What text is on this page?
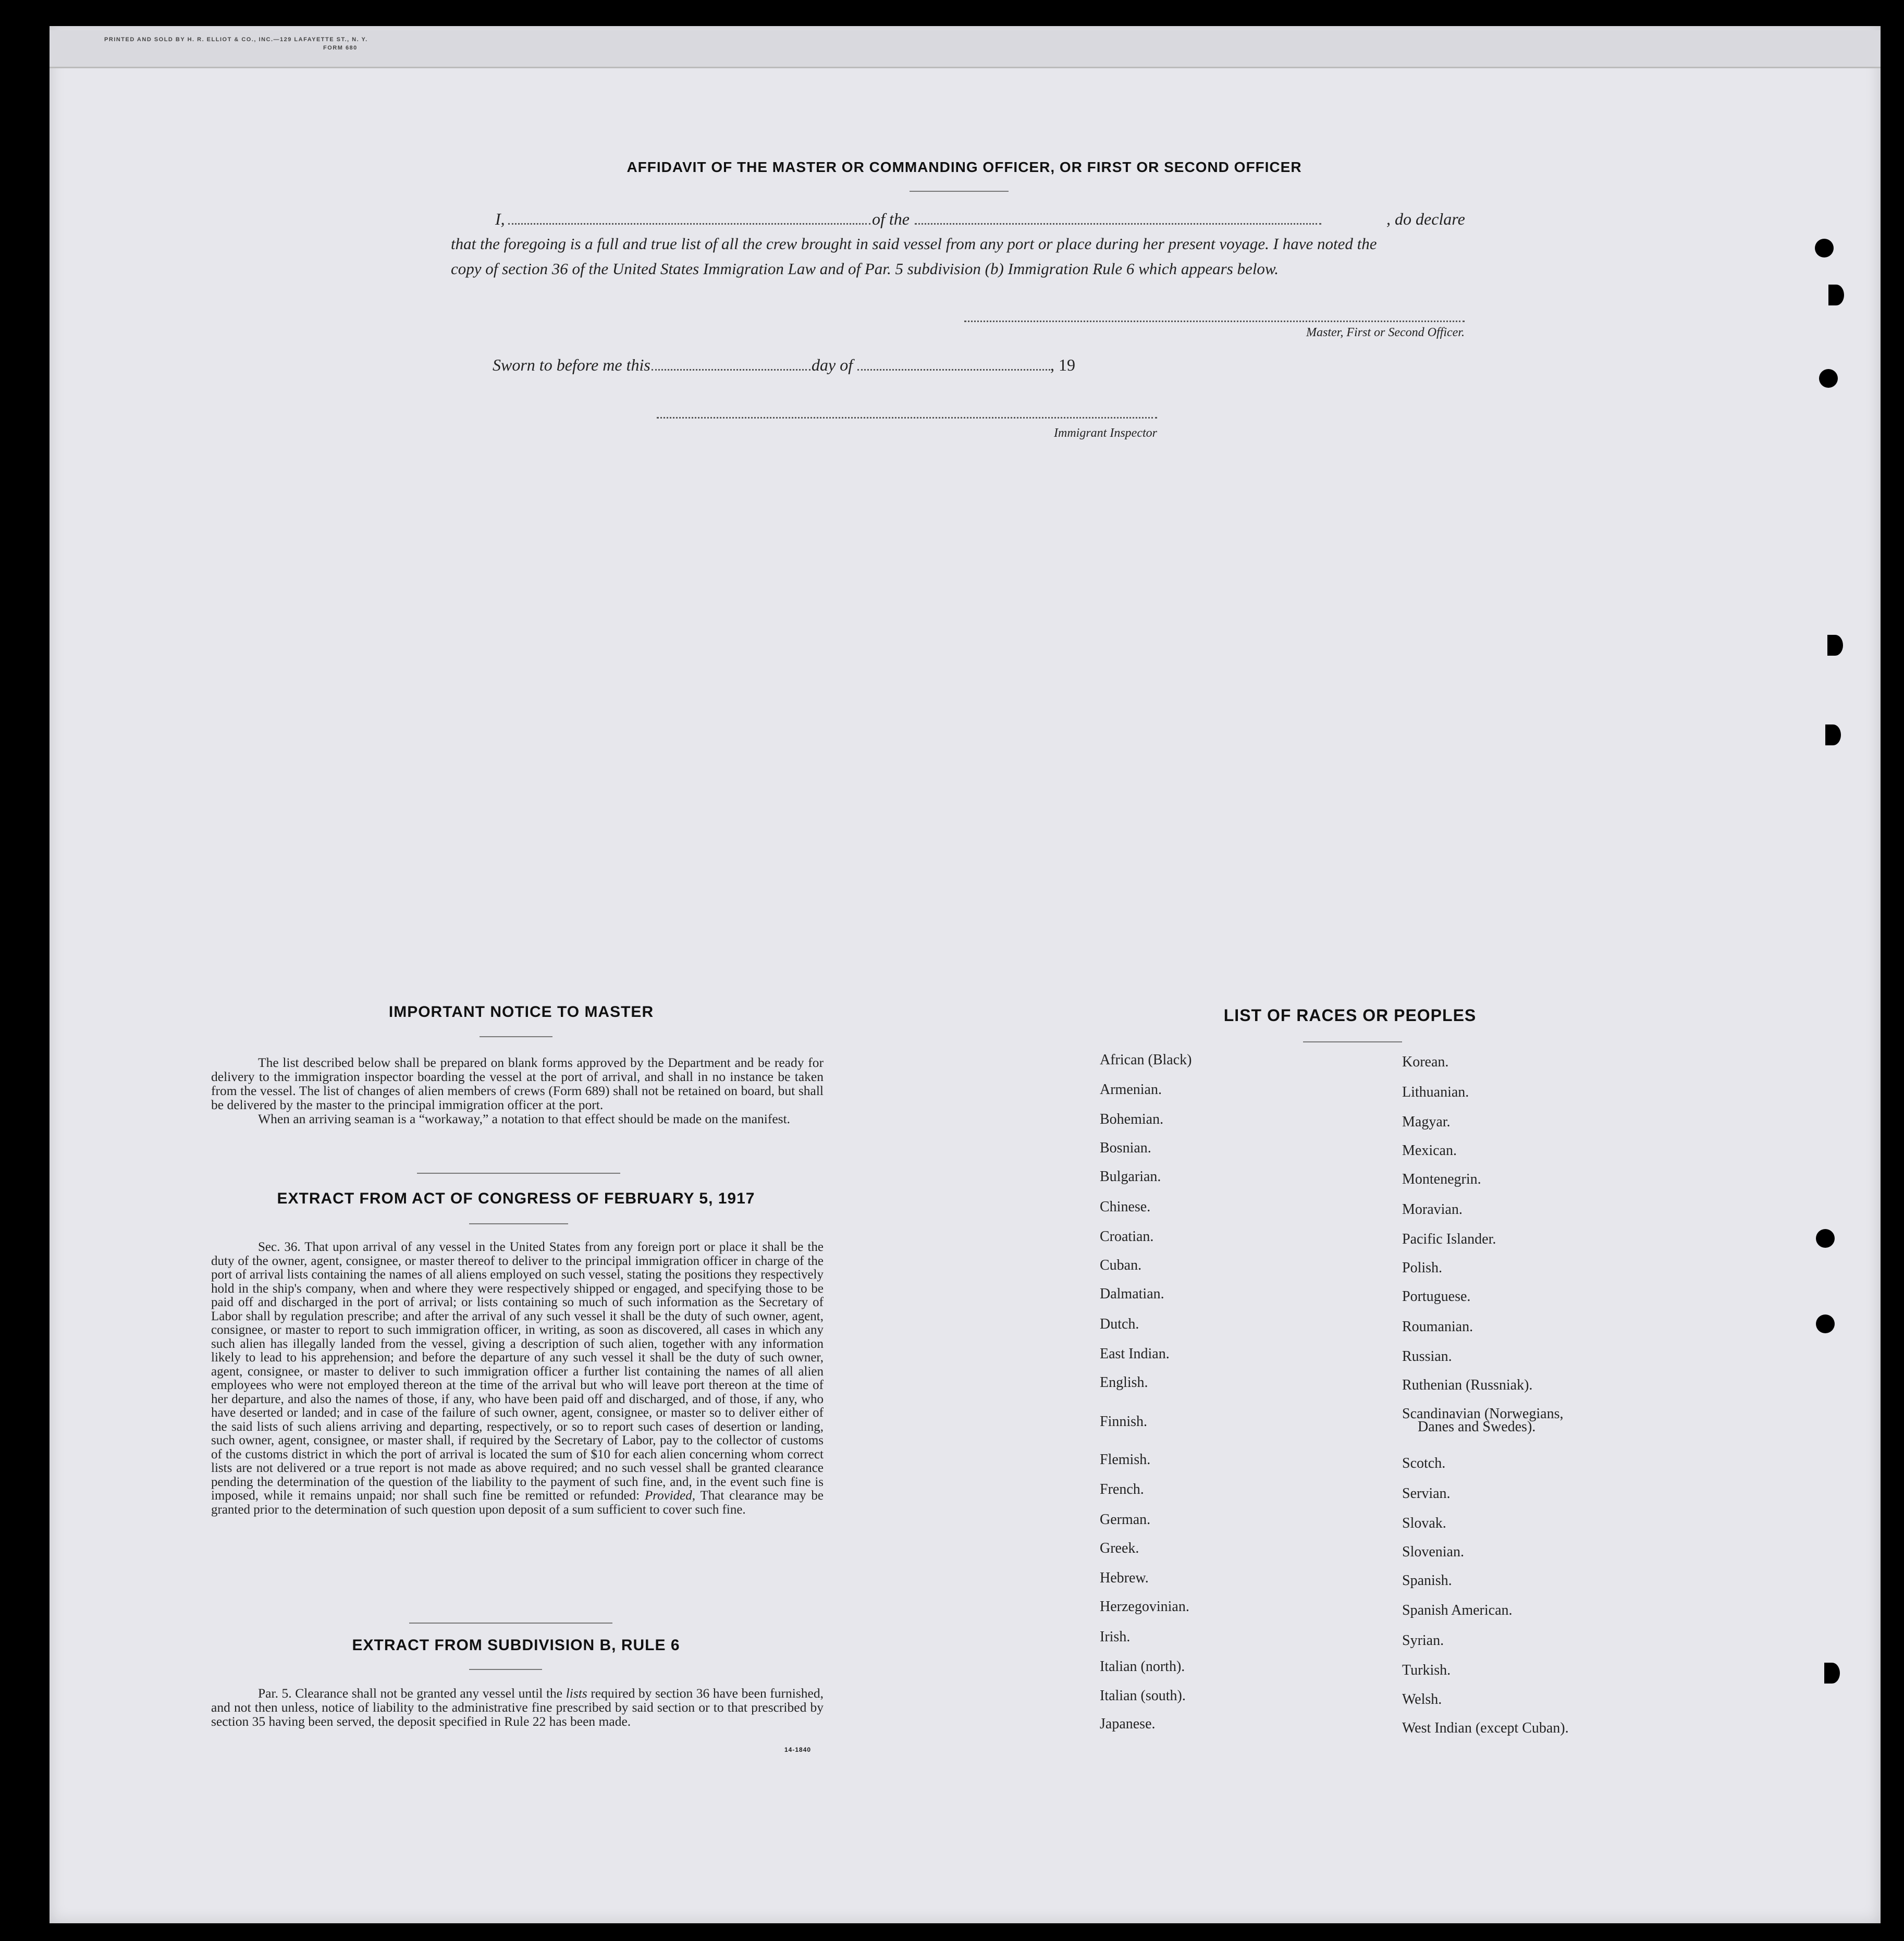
PRINTED AND SOLD BY H. R. ELLIOT & CO., INC.—129 LAFAYETTE ST., N. Y.
FORM 680
AFFIDAVIT OF THE MASTER OR COMMANDING OFFICER, OR FIRST OR SECOND OFFICER
I,	of the	, do declare
that the foregoing is a full and true list of all the crew brought in said vessel from any port or place during her present voyage. I have noted the
copy of section 36 of the United States Immigration Law and of Par. 5 subdivision (b) Immigration Rule 6 which appears below.
Master, First or Second Officer.
Sworn to before me this	day of	, 19
Immigrant Inspector
IMPORTANT NOTICE TO MASTER

The list described below shall be prepared on blank forms approved by the Department and be ready for delivery to the immigration inspector boarding the vessel at the port of arrival, and shall in no instance be taken from the vessel. The list of changes of alien members of crews (Form 689) shall not be retained on board, but shall be delivered by the master to the principal immigration officer at the port.

When an arriving seaman is a “workaway,” a notation to that effect should be made on the manifest.

EXTRACT FROM ACT OF CONGRESS OF FEBRUARY 5, 1917

Sec. 36. That upon arrival of any vessel in the United States from any foreign port or place it shall be the duty of the owner, agent, consignee, or master thereof to deliver to the principal immigration officer in charge of the port of arrival lists containing the names of all aliens employed on such vessel, stating the positions they respectively hold in the ship's company, when and where they were respectively shipped or engaged, and specifying those to be paid off and discharged in the port of arrival; or lists containing so much of such information as the Secretary of Labor shall by regulation prescribe; and after the arrival of any such vessel it shall be the duty of such owner, agent, consignee, or master to report to such immigration officer, in writing, as soon as discovered, all cases in which any such alien has illegally landed from the vessel, giving a description of such alien, together with any information likely to lead to his apprehension; and before the departure of any such vessel it shall be the duty of such owner, agent, consignee, or master to deliver to such immigration officer a further list containing the names of all alien employees who were not employed thereon at the time of the arrival but who will leave port thereon at the time of her departure, and also the names of those, if any, who have been paid off and discharged, and of those, if any, who have deserted or landed; and in case of the failure of such owner, agent, consignee, or master so to deliver either of the said lists of such aliens arriving and departing, respectively, or so to report such cases of desertion or landing, such owner, agent, consignee, or master shall, if required by the Secretary of Labor, pay to the collector of customs of the customs district in which the port of arrival is located the sum of $10 for each alien concerning whom correct lists are not delivered or a true report is not made as above required; and no such vessel shall be granted clearance pending the determination of the question of the liability to the payment of such fine, and, in the event such fine is imposed, while it remains unpaid; nor shall such fine be remitted or refunded: Provided, That clearance may be granted prior to the determination of such question upon deposit of a sum sufficient to cover such fine.

EXTRACT FROM SUBDIVISION B, RULE 6

Par. 5. Clearance shall not be granted any vessel until the lists required by section 36 have been furnished, and not then unless, notice of liability to the administrative fine prescribed by said section or to that prescribed by section 35 having been served, the deposit specified in Rule 22 has been made.

14-1840
LIST OF RACES OR PEOPLES
African (Black)
Armenian.
Bohemian.
Bosnian.
Bulgarian.
Chinese.
Croatian.
Cuban.
Dalmatian.
Dutch.
East Indian.
English.
Finnish.
Flemish.
French.
German.
Greek.
Hebrew.
Herzegovinian.
Irish.
Italian (north).
Italian (south).
Japanese.
Korean.
Lithuanian.
Magyar.
Mexican.
Montenegrin.
Moravian.
Pacific Islander.
Polish.
Portuguese.
Roumanian.
Russian.
Ruthenian (Russniak).
Scandinavian (Norwegians,
Danes and Swedes).
Scotch.
Servian.
Slovak.
Slovenian.
Spanish.
Spanish American.
Syrian.
Turkish.
Welsh.
West Indian (except Cuban).
